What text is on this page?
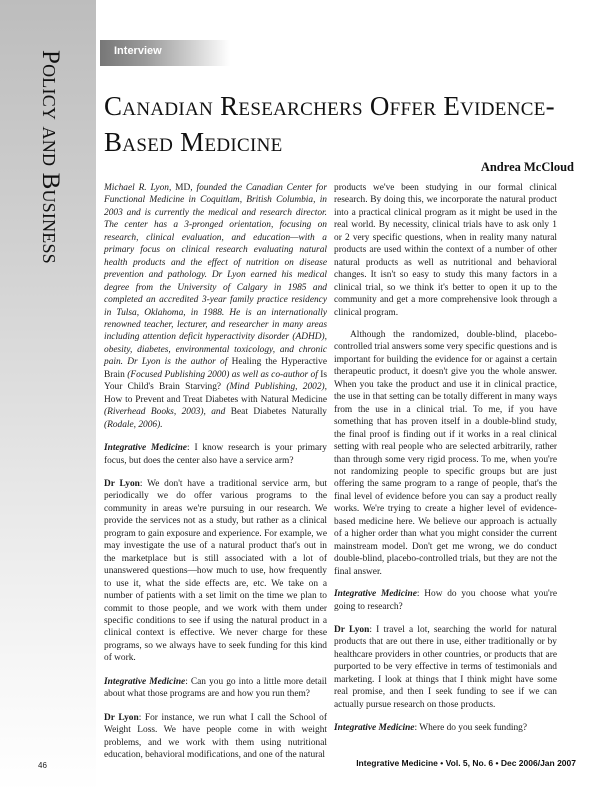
Policy and Business	Interview
Canadian Researchers Offer Evidence-Based Medicine
Andrea McCloud

Michael R. Lyon, MD, founded the Canadian Center for Functional Medicine in Coquitlam, British Columbia, in 2003 and is currently the medical and research director. The center has a 3-pronged orientation, focusing on research, clinical evaluation, and education—with a primary focus on clinical research evaluating natural health products and the effect of nutrition on disease prevention and pathology. Dr Lyon earned his medical degree from the University of Calgary in 1985 and completed an accredited 3-year family practice residency in Tulsa, Oklahoma, in 1988. He is an internationally renowned teacher, lecturer, and researcher in many areas including attention deficit hyperactivity disorder (ADHD), obesity, diabetes, environmental toxicology, and chronic pain. Dr Lyon is the author of Healing the Hyperactive Brain (Focused Publishing 2000) as well as co-author of Is Your Child's Brain Starving? (Mind Publishing, 2002), How to Prevent and Treat Diabetes with Natural Medicine (Riverhead Books, 2003), and Beat Diabetes Naturally (Rodale, 2006).

Integrative Medicine: I know research is your primary focus, but does the center also have a service arm?

Dr Lyon: We don't have a traditional service arm, but periodically we do offer various programs to the community in areas we're pursuing in our research. We provide the services not as a study, but rather as a clinical program to gain exposure and experience. For example, we may investigate the use of a natural product that's out in the marketplace but is still associated with a lot of unanswered questions—how much to use, how frequently to use it, what the side effects are, etc. We take on a number of patients with a set limit on the time we plan to commit to those people, and we work with them under specific conditions to see if using the natural product in a clinical context is effective. We never charge for these programs, so we always have to seek funding for this kind of work.

Integrative Medicine: Can you go into a little more detail about what those programs are and how you run them?

Dr Lyon: For instance, we run what I call the School of Weight Loss. We have people come in with weight problems, and we work with them using nutritional education, behavioral modifications, and one of the natural

products we've been studying in our formal clinical research. By doing this, we incorporate the natural product into a practical clinical program as it might be used in the real world. By necessity, clinical trials have to ask only 1 or 2 very specific questions, when in reality many natural products are used within the context of a number of other natural products as well as nutritional and behavioral changes. It isn't so easy to study this many factors in a clinical trial, so we think it's better to open it up to the community and get a more comprehensive look through a clinical program.

Although the randomized, double-blind, placebo-controlled trial answers some very specific questions and is important for building the evidence for or against a certain therapeutic product, it doesn't give you the whole answer. When you take the product and use it in clinical practice, the use in that setting can be totally different in many ways from the use in a clinical trial. To me, if you have something that has proven itself in a double-blind study, the final proof is finding out if it works in a real clinical setting with real people who are selected arbitrarily, rather than through some very rigid process. To me, when you're not randomizing people to specific groups but are just offering the same program to a range of people, that's the final level of evidence before you can say a product really works. We're trying to create a higher level of evidence-based medicine here. We believe our approach is actually of a higher order than what you might consider the current mainstream model. Don't get me wrong, we do conduct double-blind, placebo-controlled trials, but they are not the final answer.

Integrative Medicine: How do you choose what you're going to research?

Dr Lyon: I travel a lot, searching the world for natural products that are out there in use, either traditionally or by healthcare providers in other countries, or products that are purported to be very effective in terms of testimonials and marketing. I look at things that I think might have some real promise, and then I seek funding to see if we can actually pursue research on those products.

Integrative Medicine: Where do you seek funding?

46	Integrative Medicine • Vol. 5, No. 6 • Dec 2006/Jan 2007
